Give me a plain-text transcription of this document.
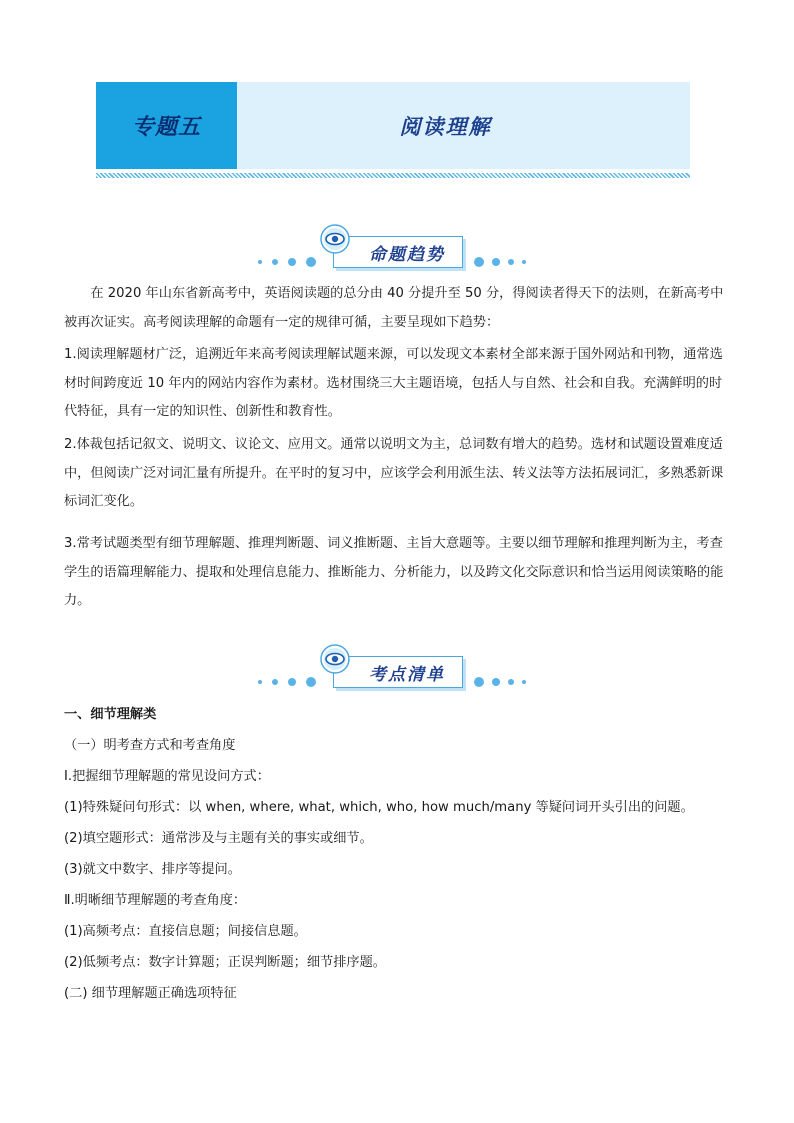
专题五	阅读理解
命题趋势
在 2020 年山东省新高考中，英语阅读题的总分由 40 分提升至 50 分，得阅读者得天下的法则，在新高考中被再次证实。高考阅读理解的命题有一定的规律可循，主要呈现如下趋势：
1.阅读理解题材广泛，追溯近年来高考阅读理解试题来源，可以发现文本素材全部来源于国外网站和刊物，通常选材时间跨度近 10 年内的网站内容作为素材。选材围绕三大主题语境，包括人与自然、社会和自我。充满鲜明的时代特征，具有一定的知识性、创新性和教育性。
2.体裁包括记叙文、说明文、议论文、应用文。通常以说明文为主，总词数有增大的趋势。选材和试题设置难度适中，但阅读广泛对词汇量有所提升。在平时的复习中，应该学会利用派生法、转义法等方法拓展词汇，多熟悉新课标词汇变化。
3.常考试题类型有细节理解题、推理判断题、词义推断题、主旨大意题等。主要以细节理解和推理判断为主，考查学生的语篇理解能力、提取和处理信息能力、推断能力、分析能力，以及跨文化交际意识和恰当运用阅读策略的能力。
考点清单
一、细节理解类
（一）明考查方式和考查角度
Ⅰ.把握细节理解题的常见设问方式：
(1)特殊疑问句形式：以 when, where, what, which, who, how much/many 等疑问词开头引出的问题。
(2)填空题形式：通常涉及与主题有关的事实或细节。
(3)就文中数字、排序等提问。
Ⅱ.明晰细节理解题的考查角度：
(1)高频考点：直接信息题；间接信息题。
(2)低频考点：数字计算题；正误判断题；细节排序题。
(二) 细节理解题正确选项特征
